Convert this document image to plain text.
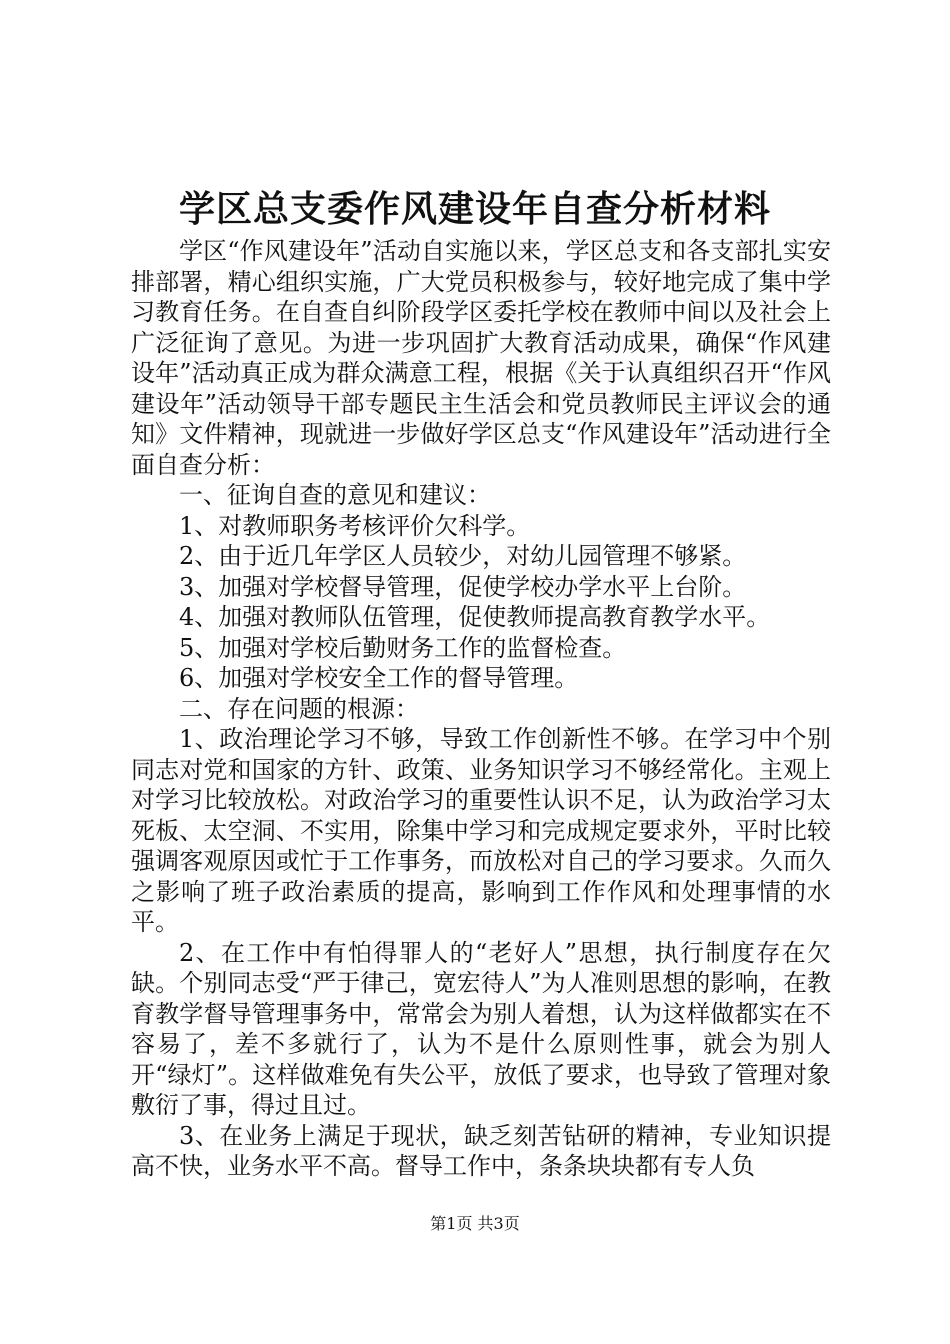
学区总支委作风建设年自查分析材料

学区“作风建设年”活动自实施以来，学区总支和各支部扎实安排部署，精心组织实施，广大党员积极参与，较好地完成了集中学习教育任务。在自查自纠阶段学区委托学校在教师中间以及社会上广泛征询了意见。为进一步巩固扩大教育活动成果，确保“作风建设年”活动真正成为群众满意工程，根据《关于认真组织召开“作风建设年”活动领导干部专题民主生活会和党员教师民主评议会的通知》文件精神，现就进一步做好学区总支“作风建设年”活动进行全面自查分析：

一、征询自查的意见和建议：

1、对教师职务考核评价欠科学。

2、由于近几年学区人员较少，对幼儿园管理不够紧。

3、加强对学校督导管理，促使学校办学水平上台阶。

4、加强对教师队伍管理，促使教师提高教育教学水平。

5、加强对学校后勤财务工作的监督检查。

6、加强对学校安全工作的督导管理。

二、存在问题的根源：

1、政治理论学习不够，导致工作创新性不够。在学习中个别同志对党和国家的方针、政策、业务知识学习不够经常化。主观上对学习比较放松。对政治学习的重要性认识不足，认为政治学习太死板、太空洞、不实用，除集中学习和完成规定要求外，平时比较强调客观原因或忙于工作事务，而放松对自己的学习要求。久而久之影响了班子政治素质的提高，影响到工作作风和处理事情的水平。

2、在工作中有怕得罪人的“老好人”思想，执行制度存在欠缺。个别同志受“严于律己，宽宏待人”为人准则思想的影响，在教育教学督导管理事务中，常常会为别人着想，认为这样做都实在不容易了，差不多就行了，认为不是什么原则性事，就会为别人开“绿灯”。这样做难免有失公平，放低了要求，也导致了管理对象敷衍了事，得过且过。

3、在业务上满足于现状，缺乏刻苦钻研的精神，专业知识提高不快，业务水平不高。督导工作中，条条块块都有专人负

第1页 共3页
